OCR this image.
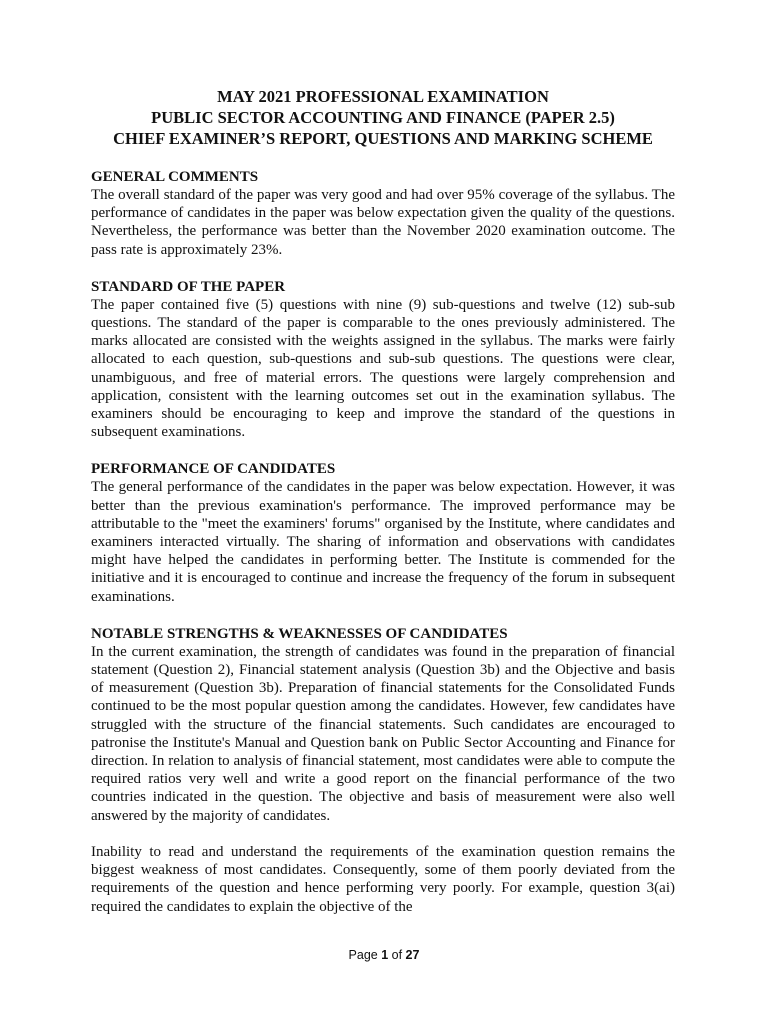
MAY 2021 PROFESSIONAL EXAMINATION
PUBLIC SECTOR ACCOUNTING AND FINANCE (PAPER 2.5)
CHIEF EXAMINER’S REPORT, QUESTIONS AND MARKING SCHEME
GENERAL COMMENTS

The overall standard of the paper was very good and had over 95% coverage of the syllabus. The performance of candidates in the paper was below expectation given the quality of the questions. Nevertheless, the performance was better than the November 2020 examination outcome. The pass rate is approximately 23%.

STANDARD OF THE PAPER

The paper contained five (5) questions with nine (9) sub-questions and twelve (12) sub-sub questions. The standard of the paper is comparable to the ones previously administered. The marks allocated are consisted with the weights assigned in the syllabus. The marks were fairly allocated to each question, sub-questions and sub-sub questions. The questions were clear, unambiguous, and free of material errors. The questions were largely comprehension and application, consistent with the learning outcomes set out in the examination syllabus. The examiners should be encouraging to keep and improve the standard of the questions in subsequent examinations.

PERFORMANCE OF CANDIDATES

The general performance of the candidates in the paper was below expectation. However, it was better than the previous examination's performance. The improved performance may be attributable to the "meet the examiners' forums" organised by the Institute, where candidates and examiners interacted virtually. The sharing of information and observations with candidates might have helped the candidates in performing better. The Institute is commended for the initiative and it is encouraged to continue and increase the frequency of the forum in subsequent examinations.

NOTABLE STRENGTHS & WEAKNESSES OF CANDIDATES

In the current examination, the strength of candidates was found in the preparation of financial statement (Question 2), Financial statement analysis (Question 3b) and the Objective and basis of measurement (Question 3b). Preparation of financial statements for the Consolidated Funds continued to be the most popular question among the candidates. However, few candidates have struggled with the structure of the financial statements. Such candidates are encouraged to patronise the Institute's Manual and Question bank on Public Sector Accounting and Finance for direction. In relation to analysis of financial statement, most candidates were able to compute the required ratios very well and write a good report on the financial performance of the two countries indicated in the question. The objective and basis of measurement were also well answered by the majority of candidates.

Inability to read and understand the requirements of the examination question remains the biggest weakness of most candidates. Consequently, some of them poorly deviated from the requirements of the question and hence performing very poorly. For example, question 3(ai) required the candidates to explain the objective of the

Page 1 of 27
